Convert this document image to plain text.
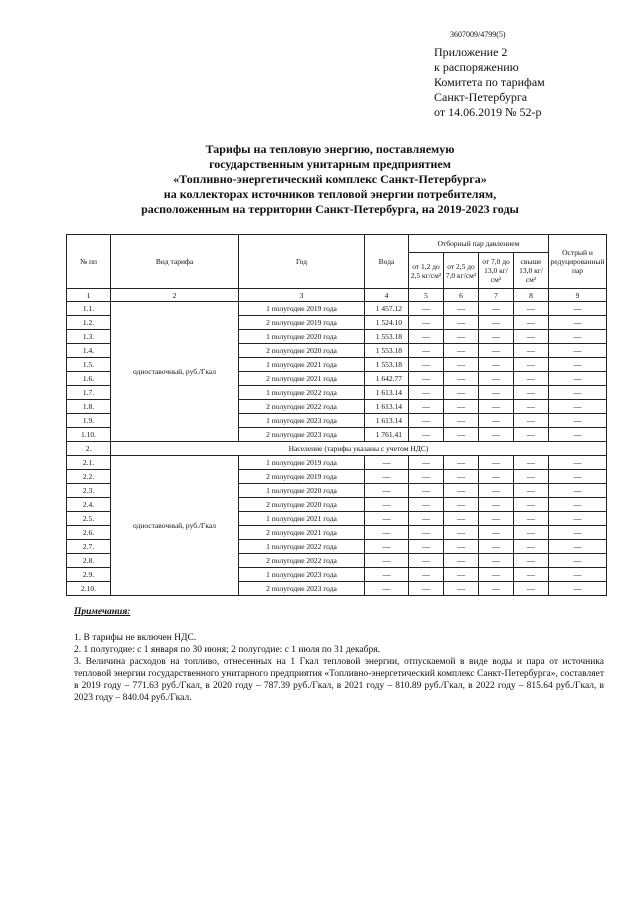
3607009/4799(5)
Приложение 2
к распоряжению
Комитета по тарифам
Санкт-Петербурга
от 14.06.2019 № 52-р
Тарифы на тепловую энергию, поставляемую
государственным унитарным предприятием
«Топливно-энергетический комплекс Санкт-Петербурга»
на коллекторах источников тепловой энергии потребителям,
расположенным на территории Санкт-Петербурга, на 2019-2023 годы
№ пп	Вид тарифа	Год	Вода	Отборный пар давлением				Острый и редуцированный пар
				от 1,2 до 2,5 кг/см²	от 2,5 до 7,0 кг/см²	от 7,0 до 13,0 кг/см²	свыше 13,0 кг/см²	
1	2	3	4	5	6	7	8	9
1.1.	одноставочный, руб./Гкал	1 полугодие 2019 года	1 457.12	—	—	—	—	—
1.2.		2 полугодие 2019 года	1 524.10	—	—	—	—	—
1.3.		1 полугодие 2020 года	1 553.18	—	—	—	—	—
1.4.		2 полугодие 2020 года	1 553.18	—	—	—	—	—
1.5.		1 полугодие 2021 года	1 553.18	—	—	—	—	—
1.6.		2 полугодие 2021 года	1 642.77	—	—	—	—	—
1.7.		1 полугодие 2022 года	1 613.14	—	—	—	—	—
1.8.		2 полугодие 2022 года	1 613.14	—	—	—	—	—
1.9.		1 полугодие 2023 года	1 613.14	—	—	—	—	—
1.10.		2 полугодие 2023 года	1 761.41	—	—	—	—	—
2.	Население (тарифы указаны с учетом НДС)							
2.1.	одноставочный, руб./Гкал	1 полугодие 2019 года	—	—	—	—	—	—
2.2.		2 полугодие 2019 года	—	—	—	—	—	—
2.3.		1 полугодие 2020 года	—	—	—	—	—	—
2.4.		2 полугодие 2020 года	—	—	—	—	—	—
2.5.		1 полугодие 2021 года	—	—	—	—	—	—
2.6.		2 полугодие 2021 года	—	—	—	—	—	—
2.7.		1 полугодие 2022 года	—	—	—	—	—	—
2.8.		2 полугодие 2022 года	—	—	—	—	—	—
2.9.		1 полугодие 2023 года	—	—	—	—	—	—
2.10.		2 полугодие 2023 года	—	—	—	—	—	—
Примечания:

1. В тарифы не включен НДС.

2. 1 полугодие: с 1 января по 30 июня; 2 полугодие: с 1 июля по 31 декабря.

3. Величина расходов на топливо, отнесенных на 1 Гкал тепловой энергии, отпускаемой в виде воды и пара от источника тепловой энергии государственного унитарного предприятия «Топливно-энергетический комплекс Санкт-Петербурга», составляет в 2019 году – 771.63 руб./Гкал, в 2020 году – 787.39 руб./Гкал, в 2021 году – 810.89 руб./Гкал, в 2022 году – 815.64 руб./Гкал, в 2023 году – 840.04 руб./Гкал.
